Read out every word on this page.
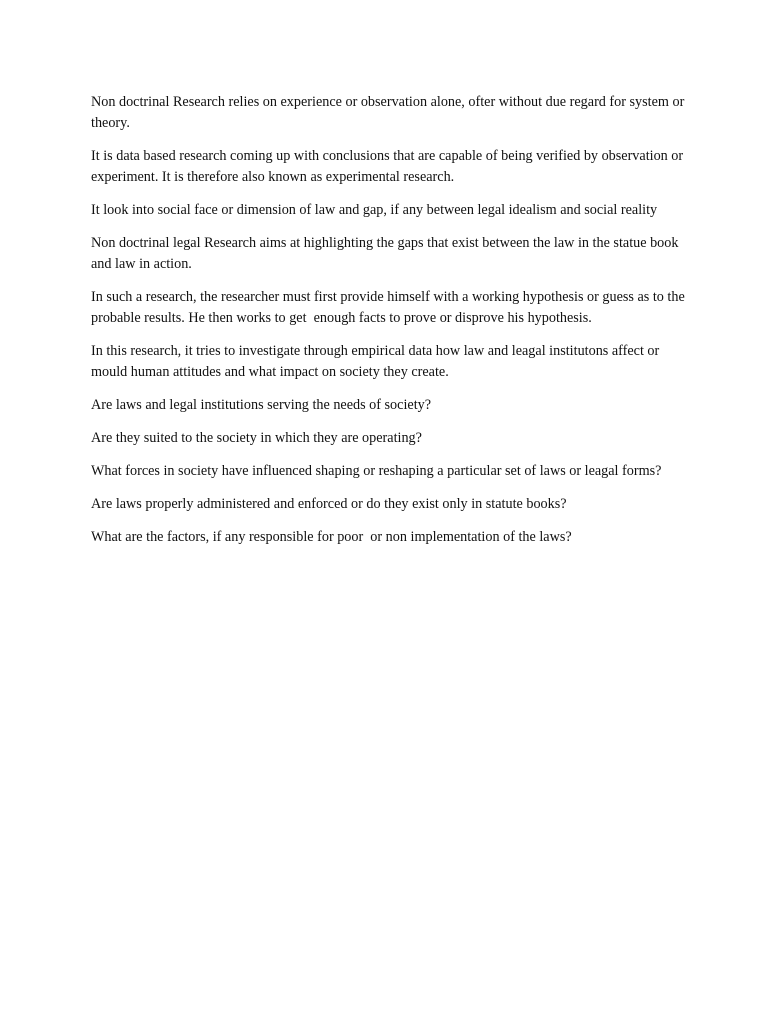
Non doctrinal Research relies on experience or observation alone, ofter without due regard for system or theory.

It is data based research coming up with conclusions that are capable of being verified by observation or experiment. It is therefore also known as experimental research.

It look into social face or dimension of law and gap, if any between legal idealism and social reality

Non doctrinal legal Research aims at highlighting the gaps that exist between the law in the statue book and law in action.

In such a research, the researcher must first provide himself with a working hypothesis or guess as to the probable results. He then works to get  enough facts to prove or disprove his hypothesis.

In this research, it tries to investigate through empirical data how law and leagal institutons affect or mould human attitudes and what impact on society they create.

Are laws and legal institutions serving the needs of society?

Are they suited to the society in which they are operating?

What forces in society have influenced shaping or reshaping a particular set of laws or leagal forms?

Are laws properly administered and enforced or do they exist only in statute books?

What are the factors, if any responsible for poor  or non implementation of the laws?
